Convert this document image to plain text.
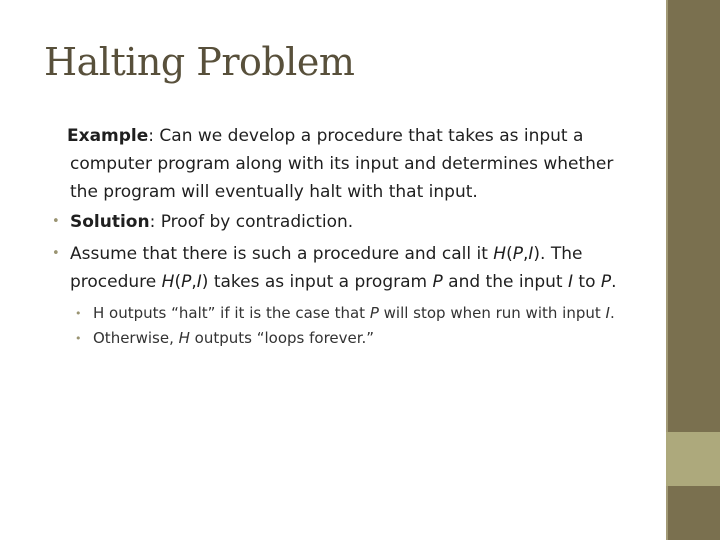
Halting Problem

Example: Can we develop a procedure that takes as input a computer program along with its input and determines whether the program will eventually halt with that input.

• Solution: Proof by contradiction.

• Assume that there is such a procedure and call it H(P,I). The procedure H(P,I) takes as input a program P and the input I to P.

• H outputs “halt” if it is the case that P will stop when run with input I.

• Otherwise, H outputs “loops forever.”
